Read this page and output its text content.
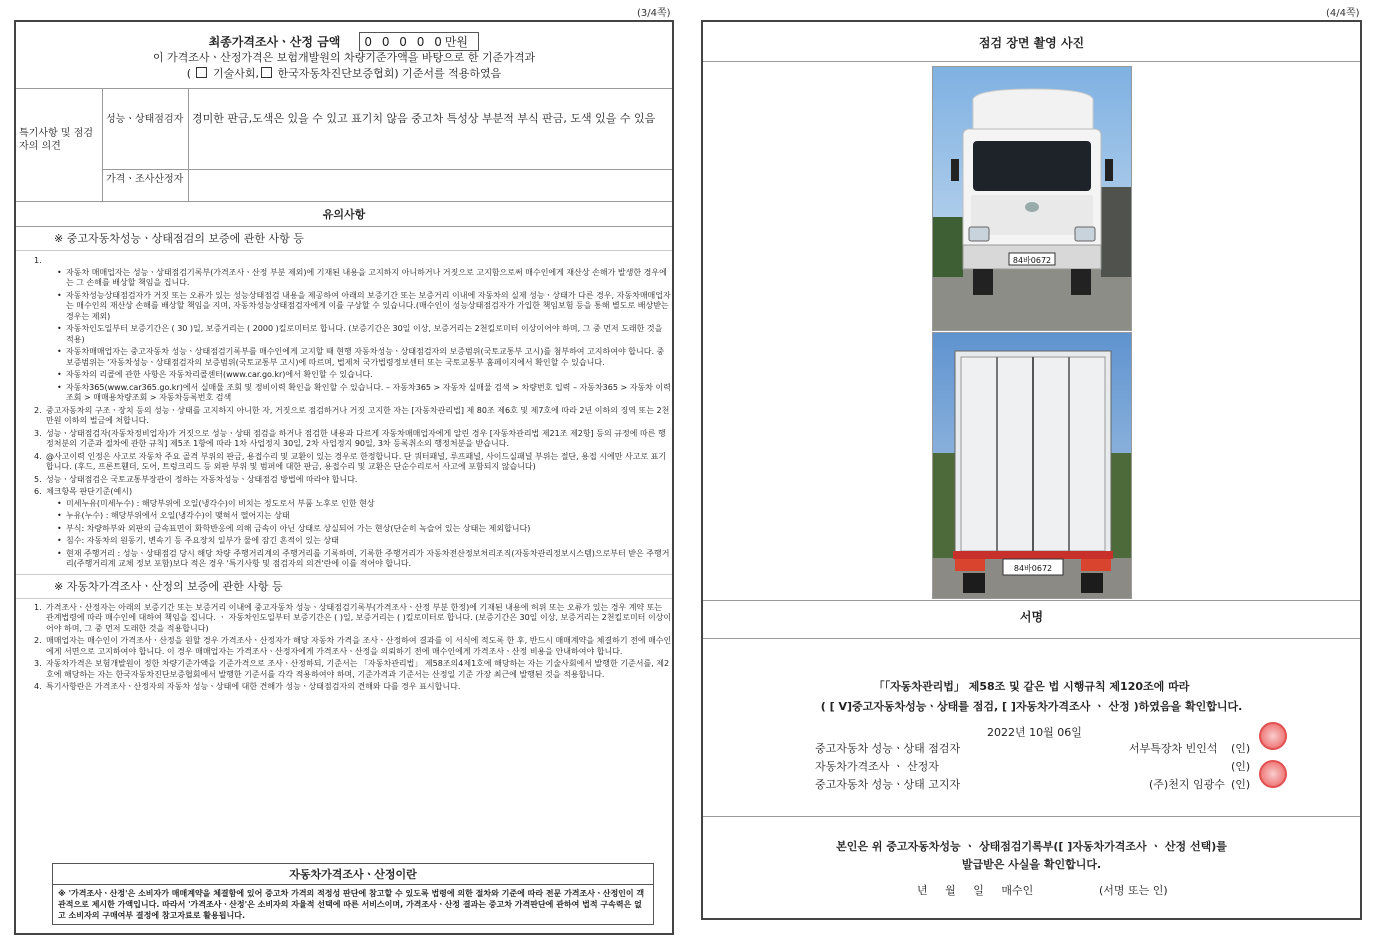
(3/4쪽)	(4/4쪽)
최종가격조사ㆍ산정 금액 0 0 0 0 0만원
이 가격조사ㆍ산정가격은 보험개발원의 차량기준가액을 바탕으로 한 기준가격과
(  기술사회, 한국자동차진단보증협회) 기준서를 적용하였음
특기사항 및 점검자의 의견
성능ㆍ상태점검자 경미한 판금,도색은 있을 수 있고 표기치 않음 중고차 특성상 부분적 부식 판금, 도색 있을 수 있음
가격ㆍ조사산정자
유의사항
※ 중고자동차성능ㆍ상태점검의 보증에 관한 사항 등
1.

• 자동차 매매업자는 성능ㆍ상태점검기록부(가격조사ㆍ산정 부분 제외)에 기재된 내용을 고지하지 아니하거나 거짓으로 고지함으로써 매수인에게 재산상 손해가 발생한 경우에는 그 손해를 배상할 책임을 집니다.
• 자동차성능상태점검자가 거짓 또는 오류가 있는 성능상태점검 내용을 제공하여 아래의 보증기간 또는 보증거리 이내에 자동차의 실제 성능ㆍ상태가 다른 경우, 자동차매매업자는 매수인의 재산상 손해를 배상할 책임을 지며, 자동차성능상태점검자에게 이를 구상할 수 있습니다.(매수인이 성능상태점검자가 가입한 책임보험 등을 통해 별도로 배상받는 경우는 제외)
• 자동차인도일부터 보증기간은 ( 30 )일, 보증거리는 ( 2000 )킬로미터로 합니다. (보증기간은 30일 이상, 보증거리는 2천킬로미터 이상이어야 하며, 그 중 먼저 도래한 것을 적용)
• 자동차매매업자는 중고자동차 성능ㆍ상태점검기록부를 매수인에게 고지할 때 현행 자동차성능ㆍ상태점검자의 보증범위(국토교통부 고시)를 첨부하여 고지하여야 합니다. 중 보증범위는 '자동차성능ㆍ상태점검자의 보증범위(국토교통부 고시)에 따르며, 법제처 국가법령정보센터 또는 국토교통부 홈페이지에서 확인할 수 있습니다.
• 자동차의 리콜에 관한 사항은 자동차리콜센터(www.car.go.kr)에서 확인할 수 있습니다.
• 자동차365(www.car365.go.kr)에서 실매물 조회 및 정비이력 확인을 확인할 수 있습니다. – 자동차365 > 자동차 실매물 검색 > 차량번호 입력 – 자동차365 > 자동차 이력조회 > 매매용차량조회 > 자동차등록번호 검색
2. 중고자동차의 구조ㆍ장치 등의 성능ㆍ상태를 고지하지 아니한 자, 거짓으로 점검하거나 거짓 고지한 자는 [자동차관리법] 제 80조 제6호 및 제7호에 따라 2년 이하의 징역 또는 2천만원 이하의 벌금에 처합니다.
3. 성능ㆍ상태점검자(자동차정비업자)가 거짓으로 성능ㆍ상태 점검을 하거나 점검한 내용과 다르게 자동차매매업자에게 알린 경우 [자동차관리법 제21조 제2항] 등의 규정에 따른 행정처분의 기준과 절차에 관한 규칙] 제5조 1항에 따라 1차 사업정지 30일, 2차 사업정지 90일, 3차 등록취소의 행정처분을 받습니다.
4. @사고이력 인정은 사고로 자동차 주요 골격 부위의 판금, 용접수리 및 교환이 있는 경우로 한정합니다. 단 쿼터패널, 루프패널, 사이드실패널 부위는 절단, 용접 시에만 사고로 표기합니다. (후드, 프론트휀더, 도어, 트렁크리드 등 외판 부위 및 범퍼에 대한 판금, 용접수리 및 교환은 단순수리로서 사고에 포함되지 않습니다)
5. 성능ㆍ상태점검은 국토교통부장관이 정하는 자동차성능ㆍ상태점검 방법에 따라야 합니다.
6. 체크항목 판단기준(예시)
• 미세누유(미세누수) : 해당부위에 오일(냉각수)이 비치는 정도로서 부품 노후로 인한 현상
• 누유(누수) : 해당부위에서 오일(냉각수)이 맺혀서 떨어지는 상태
• 부식: 차량하부와 외판의 금속표면이 화학반응에 의해 금속이 아닌 상태로 상실되어 가는 현상(단순히 녹슬어 있는 상태는 제외합니다)
• 침수: 자동차의 원동기, 변속기 등 주요장치 일부가 물에 잠긴 흔적이 있는 상태
• 현재 주행거리 : 성능ㆍ상태점검 당시 해당 차량 주행거리계의 주행거리를 기록하며, 기록한 주행거리가 자동차전산정보처리조직(자동차관리정보시스템)으로부터 받은 주행거리(주행거리계 교체 정보 포함)보다 적은 경우 '특기사항 및 점검자의 의견'란에 이를 적어야 합니다.
※ 자동차가격조사ㆍ산정의 보증에 관한 사항 등
1. 가격조사ㆍ산정자는 아래의 보증기간 또는 보증거리 이내에 중고자동차 성능ㆍ상태점검기록부(가격조사ㆍ산정 부분 한정)에 기재된 내용에 허위 또는 오류가 있는 경우 계약 또는 관계법령에 따라 매수인에 대하여 책임을 집니다. ㆍ 자동차인도일부터 보증기간은 ( )일, 보증거리는 ( )킬로미터로 합니다. (보증기간은 30일 이상, 보증거리는 2천킬로미터 이상이어야 하며, 그 중 먼저 도래한 것을 적용합니다)
2. 매매업자는 매수인이 가격조사ㆍ산정을 원할 경우 가격조사ㆍ산정자가 해당 자동차 가격을 조사ㆍ산정하여 결과를 이 서식에 적도록 한 후, 반드시 매매계약을 체결하기 전에 매수인에게 서면으로 고지하여야 합니다. 이 경우 매매업자는 가격조사ㆍ산정자에게 가격조사ㆍ산정을 의뢰하기 전에 매수인에게 가격조사ㆍ산정 비용을 안내하여야 합니다.
3. 자동차가격은 보험개발원이 정한 차량기준가액을 기준가격으로 조사ㆍ산정하되, 기준서는 「자동차관리법」 제58조의4제1호에 해당하는 자는 기술사회에서 발행한 기준서를, 제2호에 해당하는 자는 한국자동차진단보증협회에서 발행한 기준서를 각각 적용하여야 하며, 기준가격과 기준서는 산정일 기준 가장 최근에 발행된 것을 적용합니다.
4. 특기사항란은 가격조사ㆍ산정자의 자동차 성능ㆍ상태에 대한 견해가 성능ㆍ상태점검자의 견해와 다를 경우 표시합니다.
자동차가격조사ㆍ산정이란
※ '가격조사ㆍ산정'은 소비자가 매매계약을 체결함에 있어 중고차 가격의 적정성 판단에 참고할 수 있도록 법령에 의한 절차와 기준에 따라 전문 가격조사ㆍ산정인이 객관적으로 제시한 가액입니다. 따라서 '가격조사ㆍ산정'은 소비자의 자율적 선택에 따른 서비스이며, 가격조사ㆍ산정 결과는 중고차 가격판단에 관하여 법적 구속력은 없고 소비자의 구매여부 결정에 참고자료로 활용됩니다.
점검 장면 촬영 사진
84바0672
84바0672
서명
「「자동차관리법」 제58조 및 같은 법 시행규칙 제120조에 따라
( [ V]중고자동차성능ㆍ상태를 점검, [ ]자동차가격조사 ㆍ 산정 )하였음을 확인합니다.
2022년 10월 06일
중고자동차 성능ㆍ상태 점검자	서부특장차 빈인석 (인)
자동차가격조사 ㆍ 산정자	(인)
중고자동차 성능ㆍ상태 고지자	(주)천지 임광수 (인)
본인은 위 중고자동차성능 ㆍ 상태점검기록부([ ]자동차가격조사 ㆍ 산정 선택)를
발급받은 사실을 확인합니다.
년 월 일 매수인	(서명 또는 인)
